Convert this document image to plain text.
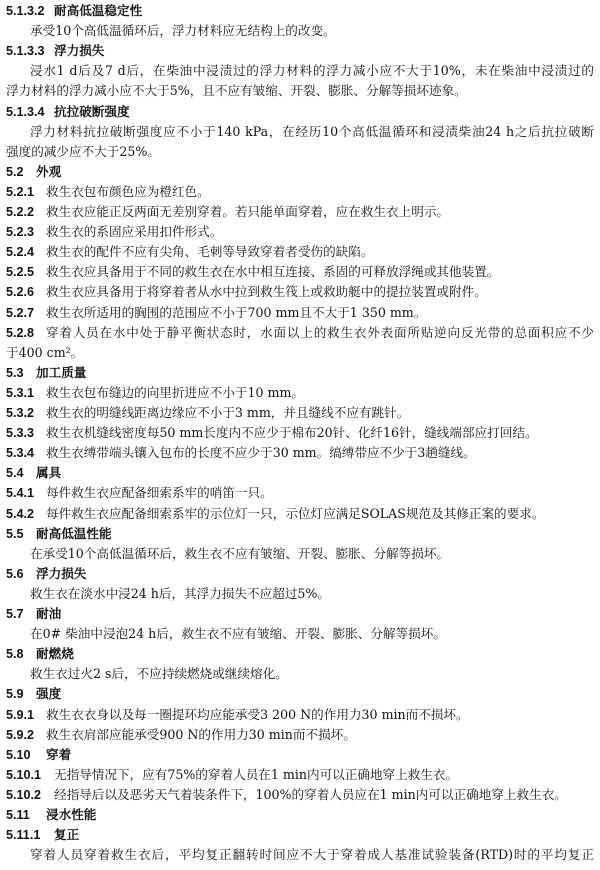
5.1.3.2 耐高低温稳定性
承受10个高低温循环后，浮力材料应无结构上的改变。
5.1.3.3 浮力损失
浸水1 d后及7 d后，在柴油中浸渍过的浮力材料的浮力减小应不大于10%，未在柴油中浸渍过的
浮力材料的浮力减小应不大于5%，且不应有皱缩、开裂、膨胀、分解等损坏迹象。
5.1.3.4 抗拉破断强度
浮力材料抗拉破断强度应不小于140 kPa，在经历10个高低温循环和浸渍柴油24 h之后抗拉破断
强度的减少应不大于25%。
5.2 外观
5.2.1 救生衣包布颜色应为橙红色。
5.2.2 救生衣应能正反两面无差别穿着。若只能单面穿着，应在救生衣上明示。
5.2.3 救生衣的系固应采用扣件形式。
5.2.4 救生衣的配件不应有尖角、毛刺等导致穿着者受伤的缺陷。
5.2.5 救生衣应具备用于不同的救生衣在水中相互连接、系固的可释放浮绳或其他装置。
5.2.6 救生衣应具备用于将穿着者从水中拉到救生筏上或救助艇中的提拉装置或附件。
5.2.7 救生衣所适用的胸围的范围应不小于700 mm且不大于1 350 mm。
5.2.8 穿着人员在水中处于静平衡状态时，水面以上的救生衣外表面所贴逆向反光带的总面积应不少
于400 cm²。
5.3 加工质量
5.3.1 救生衣包布缝边的向里折进应不小于10 mm。
5.3.2 救生衣的明缝线距离边缘应不小于3 mm，并且缝线不应有跳针。
5.3.3 救生衣机缝线密度每50 mm长度内不应少于棉布20针、化纤16针，缝线端部应打回结。
5.3.4 救生衣缚带端头镶入包布的长度不应少于30 mm。缟缚带应不少于3趟缝线。
5.4 属具
5.4.1 每件救生衣应配备细索系牢的哨笛一只。
5.4.2 每件救生衣应配备细索系牢的示位灯一只，示位灯应满足SOLAS规范及其修正案的要求。
5.5 耐高低温性能
在承受10个高低温循环后，救生衣不应有皱缩、开裂、膨胀、分解等损坏。
5.6 浮力损失
救生衣在淡水中浸24 h后，其浮力损失不应超过5%。
5.7 耐油
在0# 柴油中浸泡24 h后，救生衣不应有皱缩、开裂、膨胀、分解等损坏。
5.8 耐燃烧
救生衣过火2 s后，不应持续燃烧或继续熔化。
5.9 强度
5.9.1 救生衣衣身以及每一圈提环均应能承受3 200 N的作用力30 min而不损坏。
5.9.2 救生衣肩部应能承受900 N的作用力30 min而不损坏。
5.10 穿着
5.10.1 无指导情况下，应有75%的穿着人员在1 min内可以正确地穿上救生衣。
5.10.2 经指导后以及恶劣天气着装条件下，100%的穿着人员应在1 min内可以正确地穿上救生衣。
5.11 浸水性能
5.11.1 复正
穿着人员穿着救生衣后，平均复正翻转时间应不大于穿着成人基准试验装备(RTD)时的平均复正
